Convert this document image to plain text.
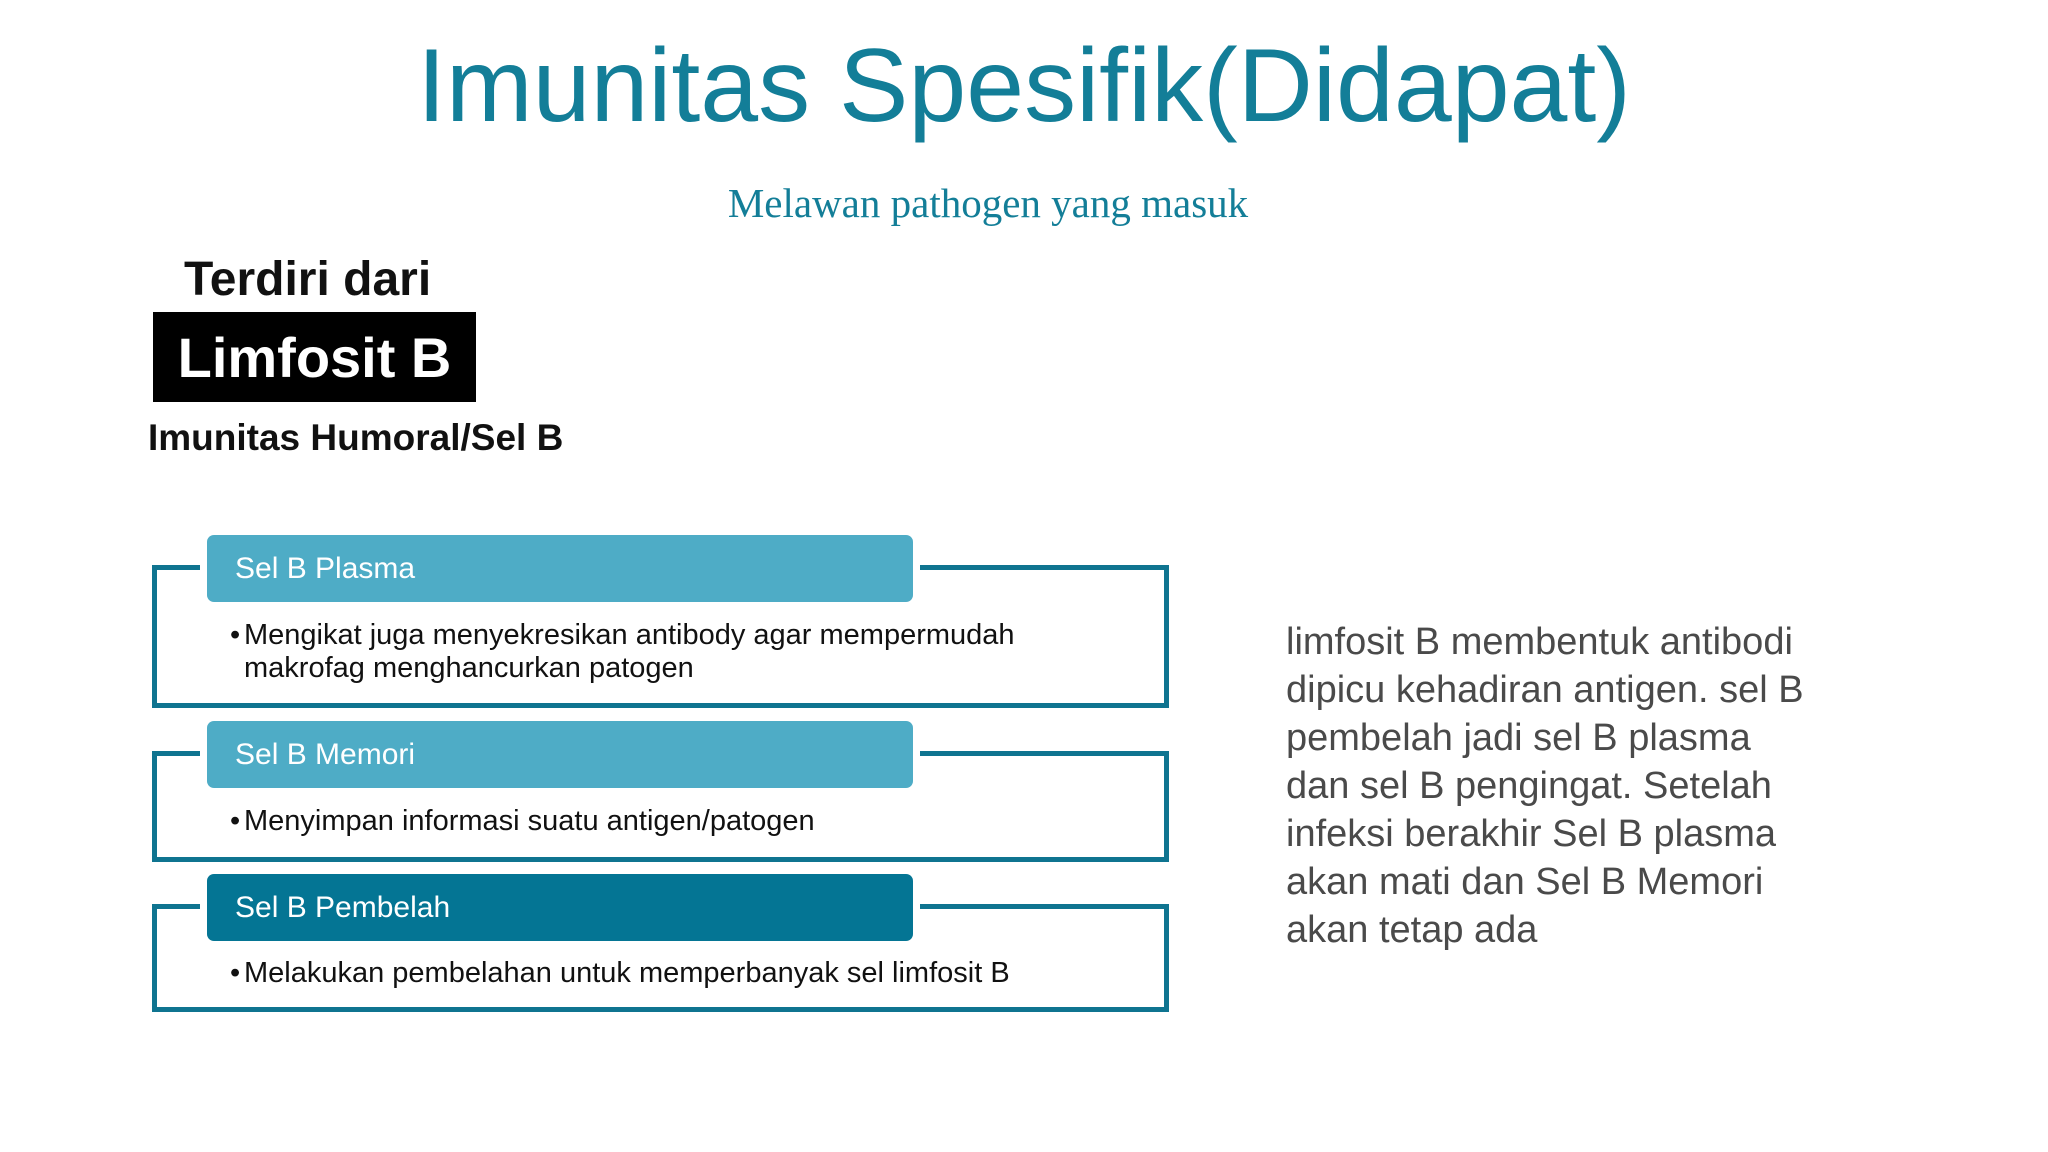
Imunitas Spesifik(Didapat)
Melawan pathogen yang masuk
Terdiri dari
Limfosit B
Imunitas Humoral/Sel B
Sel B Plasma
• Mengikat juga menyekresikan antibody agar mempermudah
makrofag menghancurkan patogen
Sel B Memori
• Menyimpan informasi suatu antigen/patogen
Sel B Pembelah
• Melakukan pembelahan untuk memperbanyak sel limfosit B
limfosit B membentuk antibodi
dipicu kehadiran antigen. sel B
pembelah jadi sel B plasma
dan sel B pengingat. Setelah
infeksi berakhir Sel B plasma
akan mati dan Sel B Memori
akan tetap ada
